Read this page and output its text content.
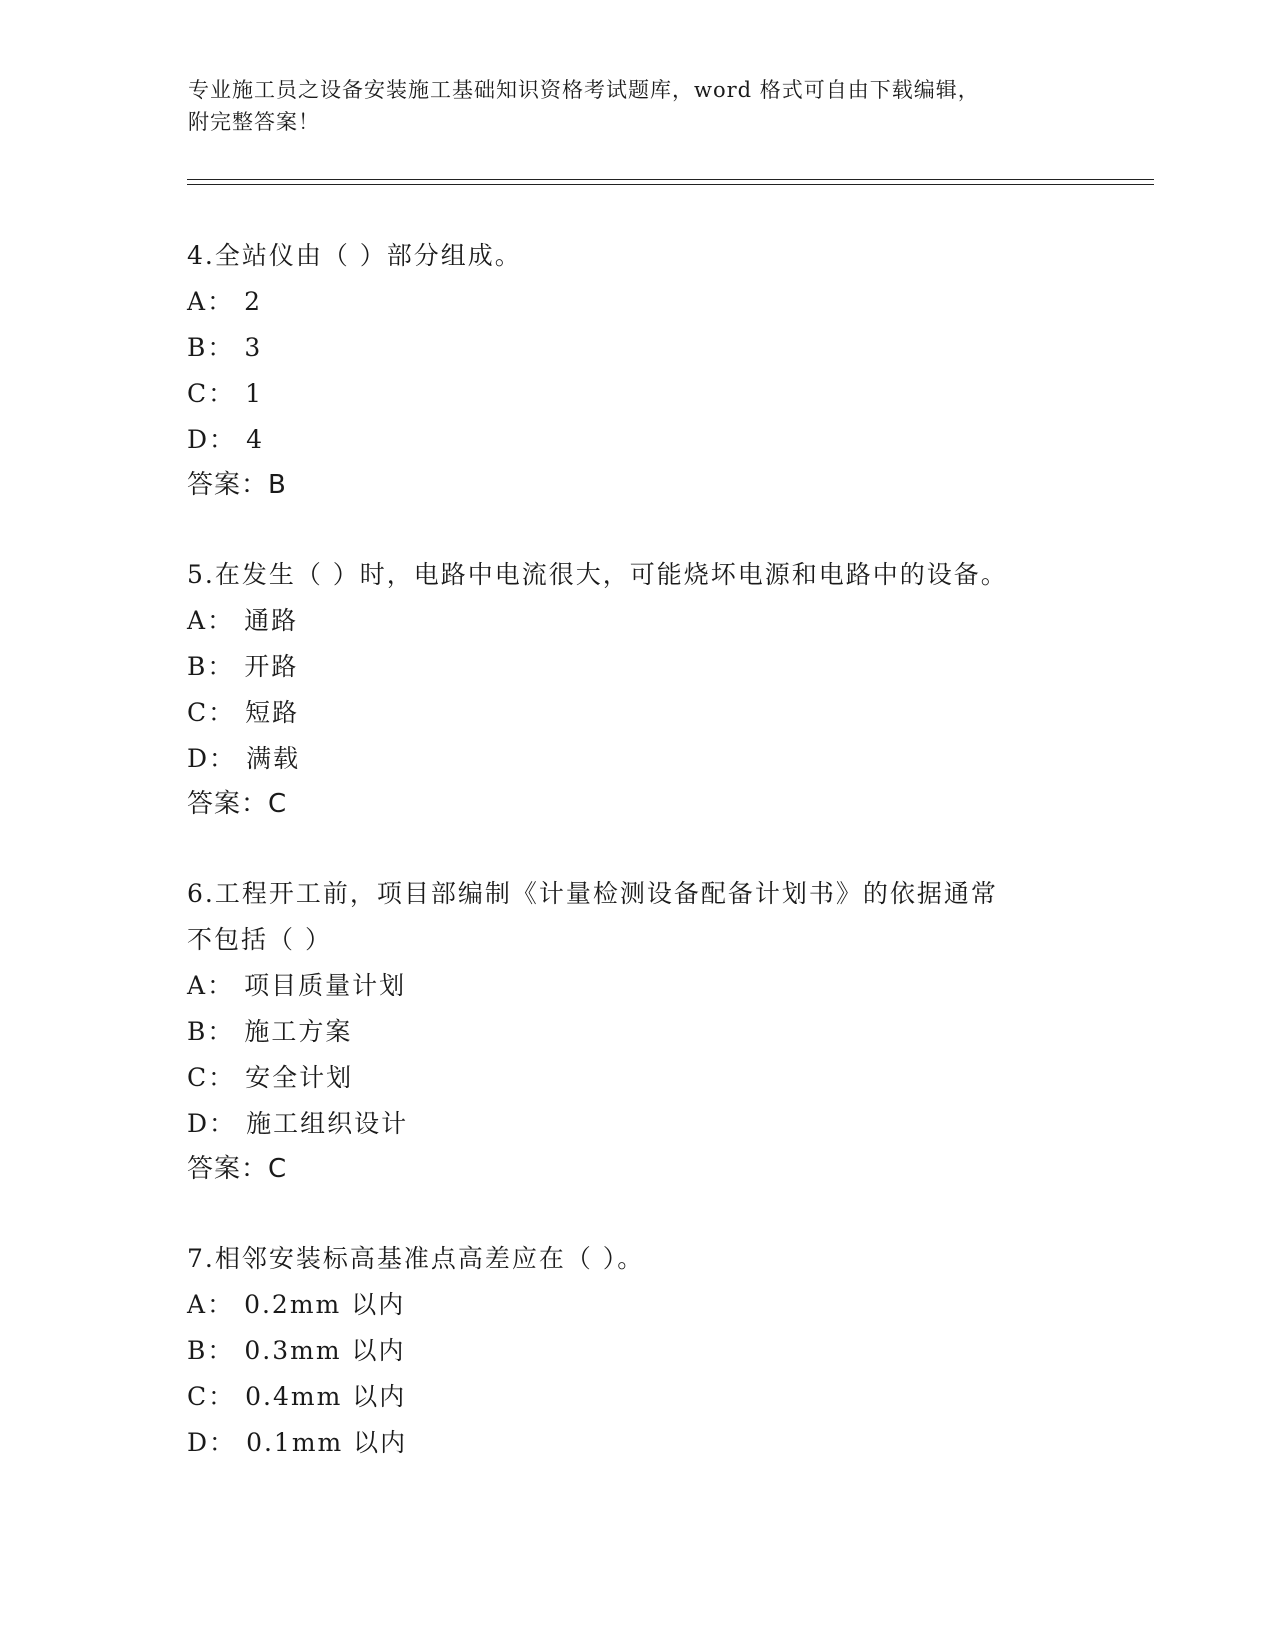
专业施工员之设备安装施工基础知识资格考试题库，word 格式可自由下载编辑，
附完整答案！
4.全站仪由（ ）部分组成。
A： 2
B： 3
C： 1
D： 4
答案：B
5.在发生（ ）时，电路中电流很大，可能烧坏电源和电路中的设备。
A： 通路
B： 开路
C： 短路
D： 满载
答案：C
6.工程开工前，项目部编制《计量检测设备配备计划书》的依据通常
不包括（ ）
A： 项目质量计划
B： 施工方案
C： 安全计划
D： 施工组织设计
答案：C
7.相邻安装标高基准点高差应在（ ）。
A： 0.2mm 以内
B： 0.3mm 以内
C： 0.4mm 以内
D： 0.1mm 以内
